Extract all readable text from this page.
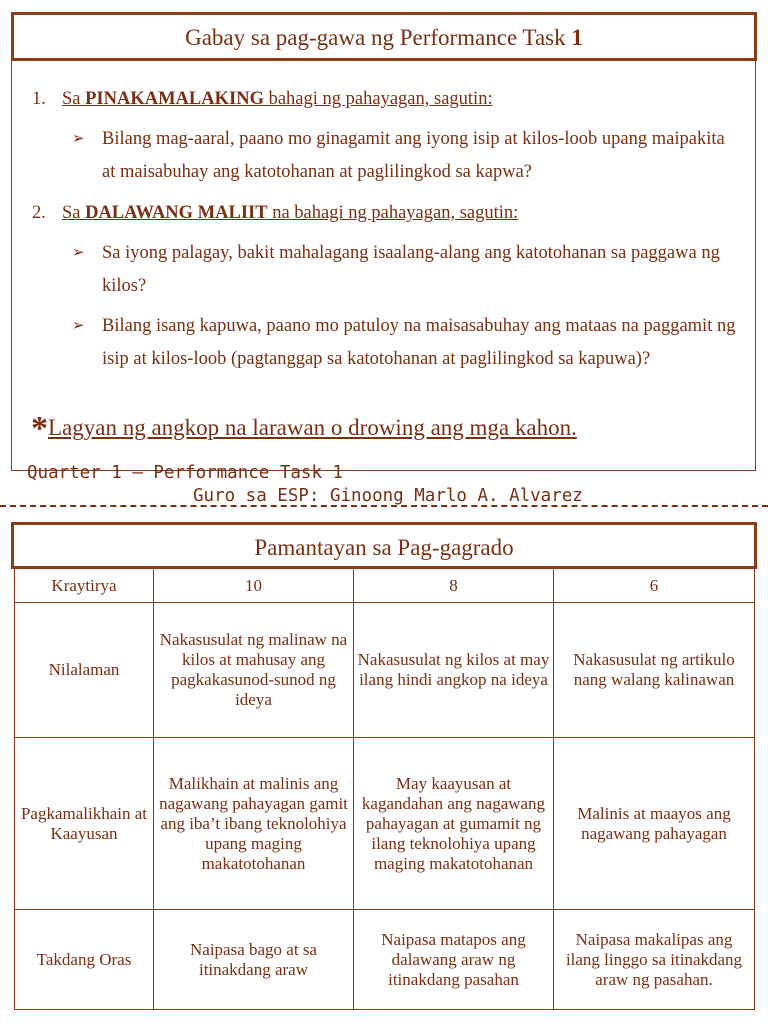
Gabay sa pag-gawa ng Performance Task 1
1. Sa PINAKAMALAKING bahagi ng pahayagan, sagutin:
➢ Bilang mag-aaral, paano mo ginagamit ang iyong isip at kilos-loob upang maipakita at maisabuhay ang katotohanan at paglilingkod sa kapwa?
2. Sa DALAWANG MALIIT na bahagi ng pahayagan, sagutin:
➢ Sa iyong palagay, bakit mahalagang isaalang-alang ang katotohanan sa paggawa ng kilos?
➢ Bilang isang kapuwa, paano mo patuloy na maisasabuhay ang mataas na paggamit ng isip at kilos-loob (pagtanggap sa katotohanan at paglilingkod sa kapuwa)?
*Lagyan ng angkop na larawan o drowing ang mga kahon.
Quarter 1 – Performance Task 1
Guro sa ESP: Ginoong Marlo A. Alvarez
Pamantayan sa Pag-gagrado
Kraytirya	10	8	6
Nilalaman	Nakasusulat ng malinaw na kilos at mahusay ang pagkakasunod-sunod ng ideya	Nakasusulat ng kilos at may ilang hindi angkop na ideya	Nakasusulat ng artikulo nang walang kalinawan
Pagkamalikhain at Kaayusan	Malikhain at malinis ang nagawang pahayagan gamit ang iba’t ibang teknolohiya upang maging makatotohanan	May kaayusan at kagandahan ang nagawang pahayagan at gumamit ng ilang teknolohiya upang maging makatotohanan	Malinis at maayos ang nagawang pahayagan
Takdang Oras	Naipasa bago at sa itinakdang araw	Naipasa matapos ang dalawang araw ng itinakdang pasahan	Naipasa makalipas ang ilang linggo sa itinakdang araw ng pasahan.
